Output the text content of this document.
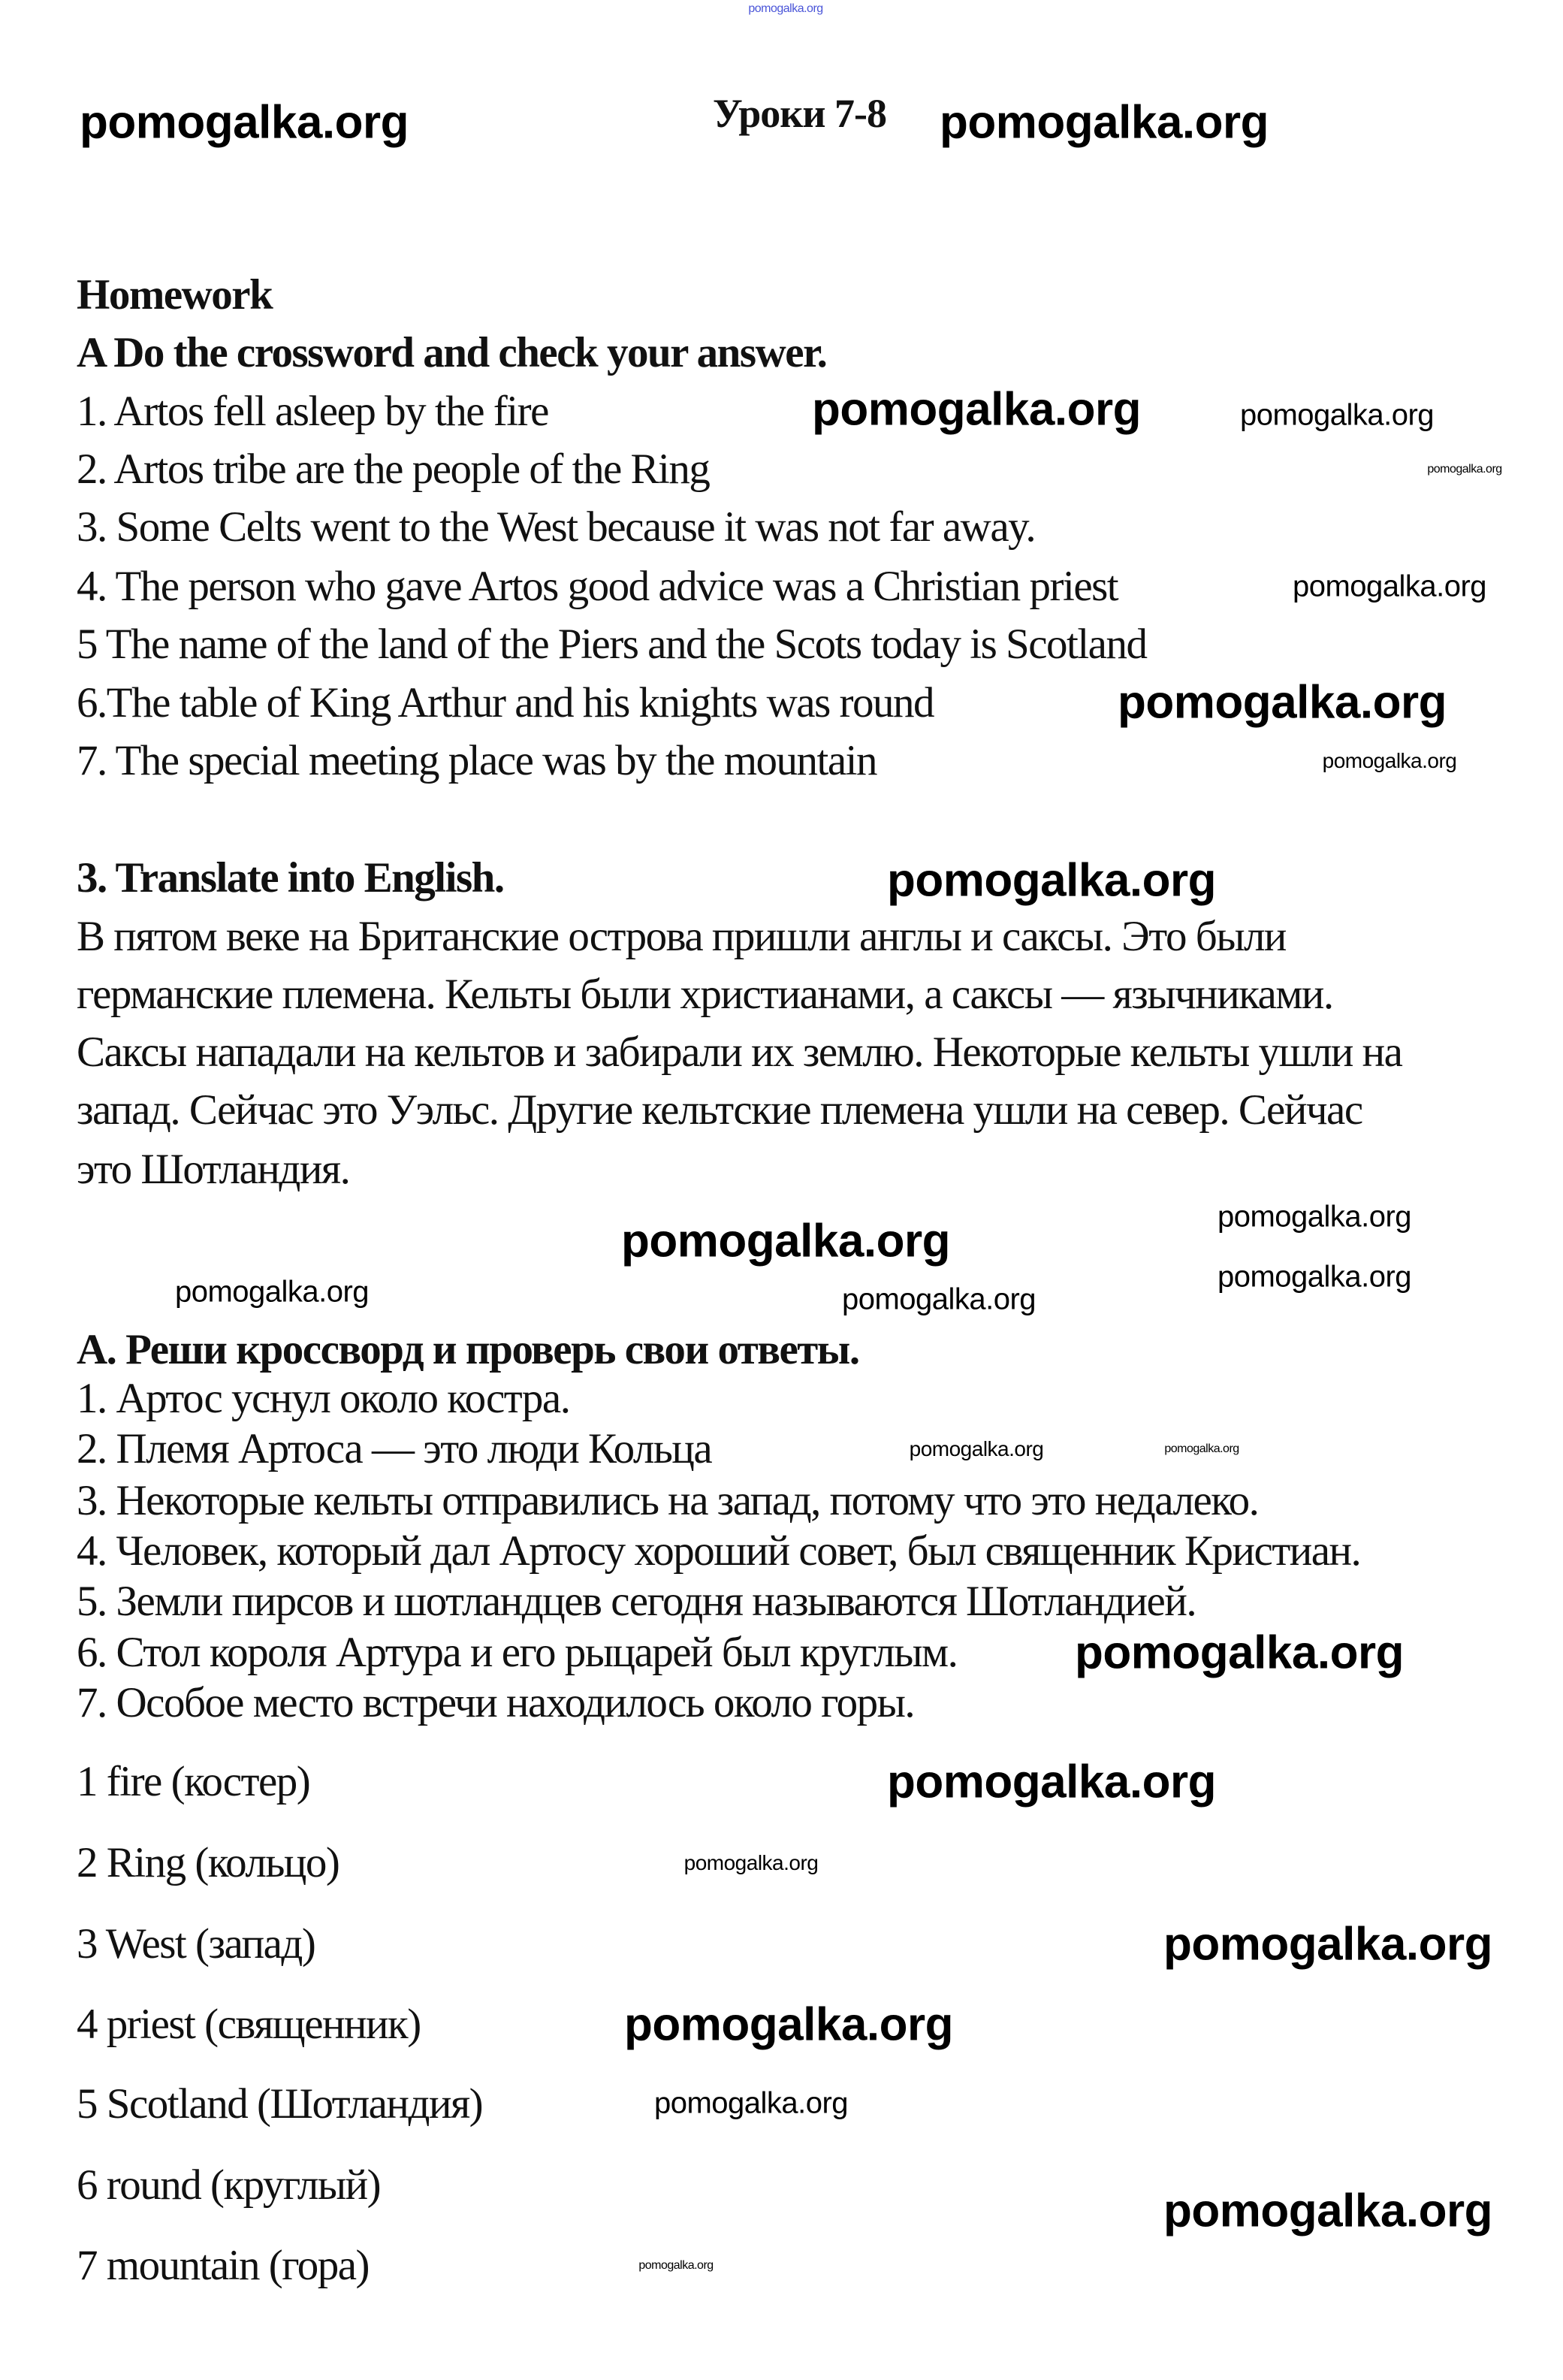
Уроки 7-8
Homework
A Do the crossword and check your answer.
1. Artos fell asleep by the fire
2. Artos tribe are the people of the Ring
3. Some Celts went to the West because it was not far away.
4. The person who gave Artos good advice was a Christian priest
5 The name of the land of the Piers and the Scots today is Scotland
6.The table of King Arthur and his knights was round
7. The special meeting place was by the mountain
3. Translate into English.
В пятом веке на Британские острова пришли англы и саксы. Это были
германские племена. Кельты были христианами, а саксы — язычниками.
Саксы нападали на кельтов и забирали их землю. Некоторые кельты ушли на
запад. Сейчас это Уэльс. Другие кельтские племена ушли на север. Сейчас
это Шотландия.
А. Реши кроссворд и проверь свои ответы.
1. Артос уснул около костра.
2. Племя Артоса — это люди Кольца
3. Некоторые кельты отправились на запад, потому что это недалеко.
4. Человек, который дал Артосу хороший совет, был священник Кристиан.
5. Земли пирсов и шотландцев сегодня называются Шотландией.
6. Стол короля Артура и его рыцарей был круглым.
7. Особое место встречи находилось около горы.
1 fire (костер)
2 Ring (кольцо)
3 West (запад)
4 priest (священник)
5 Scotland (Шотландия)
6 round (круглый)
7 mountain (гора)
pomogalka.org
pomogalka.org	pomogalka.org
pomogalka.org
pomogalka.org
pomogalka.org
pomogalka.org
pomogalka.org
pomogalka.org
pomogalka.org
pomogalka.org
pomogalka.org
pomogalka.org
pomogalka.org
pomogalka.org
pomogalka.org
pomogalka.org
pomogalka.org
pomogalka.org
pomogalka.org
pomogalka.org
pomogalka.org
pomogalka.org
pomogalka.org
pomogalka.org
